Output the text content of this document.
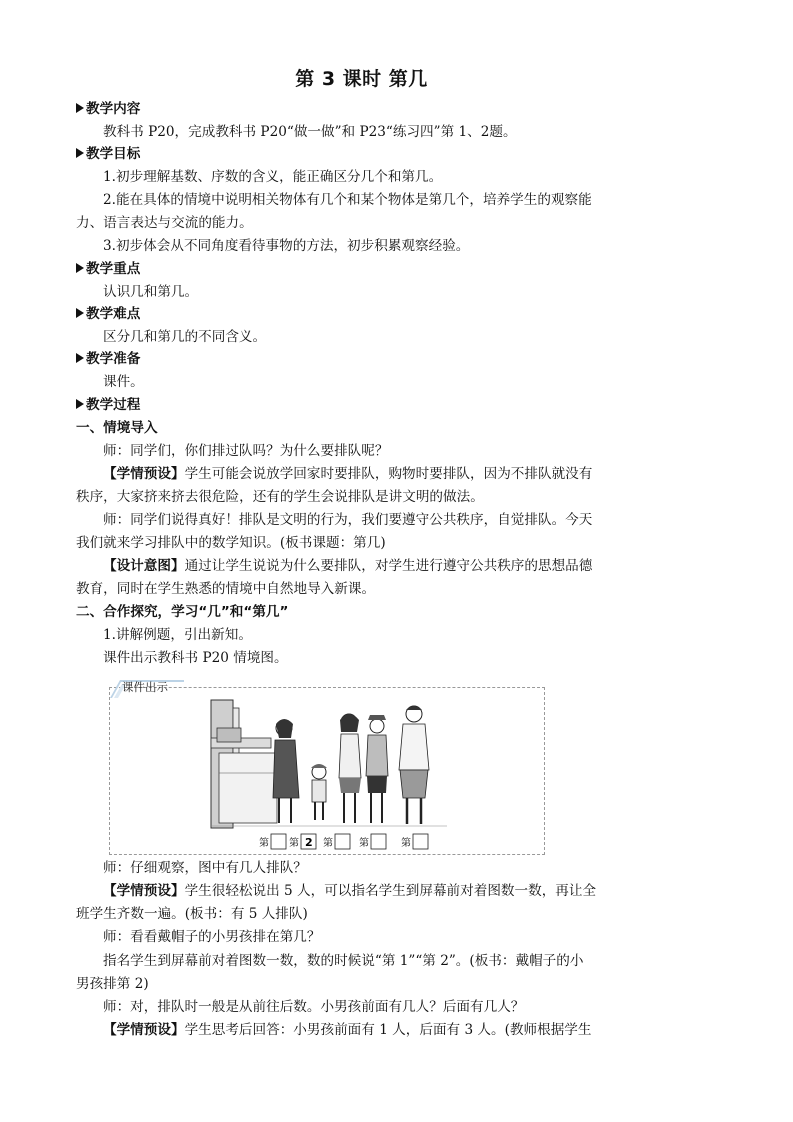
第 3 课时 第几
教学内容
教科书 P20，完成教科书 P20“做一做”和 P23“练习四”第 1、2题。
教学目标
1.初步理解基数、序数的含义，能正确区分几个和第几。
2.能在具体的情境中说明相关物体有几个和某个物体是第几个，培养学生的观察能
力、语言表达与交流的能力。
3.初步体会从不同角度看待事物的方法，初步积累观察经验。
教学重点
认识几和第几。
教学难点
区分几和第几的不同含义。
教学准备
课件。
教学过程
一、情境导入
师：同学们，你们排过队吗？为什么要排队呢？
【学情预设】学生可能会说放学回家时要排队，购物时要排队，因为不排队就没有
秩序，大家挤来挤去很危险，还有的学生会说排队是讲文明的做法。
师：同学们说得真好！排队是文明的行为，我们要遵守公共秩序，自觉排队。今天
我们就来学习排队中的数学知识。(板书课题：第几)
【设计意图】通过让学生说说为什么要排队，对学生进行遵守公共秩序的思想品德
教育，同时在学生熟悉的情境中自然地导入新课。
二、合作探究，学习“几”和“第几”
1.讲解例题，引出新知。
课件出示教科书 P20 情境图。
课件出示
第 第 2 第	第	第
师：仔细观察，图中有几人排队？
【学情预设】学生很轻松说出 5 人，可以指名学生到屏幕前对着图数一数，再让全
班学生齐数一遍。(板书：有 5 人排队)
师：看看戴帽子的小男孩排在第几？
指名学生到屏幕前对着图数一数，数的时候说“第 1”“第 2”。(板书：戴帽子的小
男孩排第 2)
师：对，排队时一般是从前往后数。小男孩前面有几人？后面有几人？
【学情预设】学生思考后回答：小男孩前面有 1 人，后面有 3 人。(教师根据学生
